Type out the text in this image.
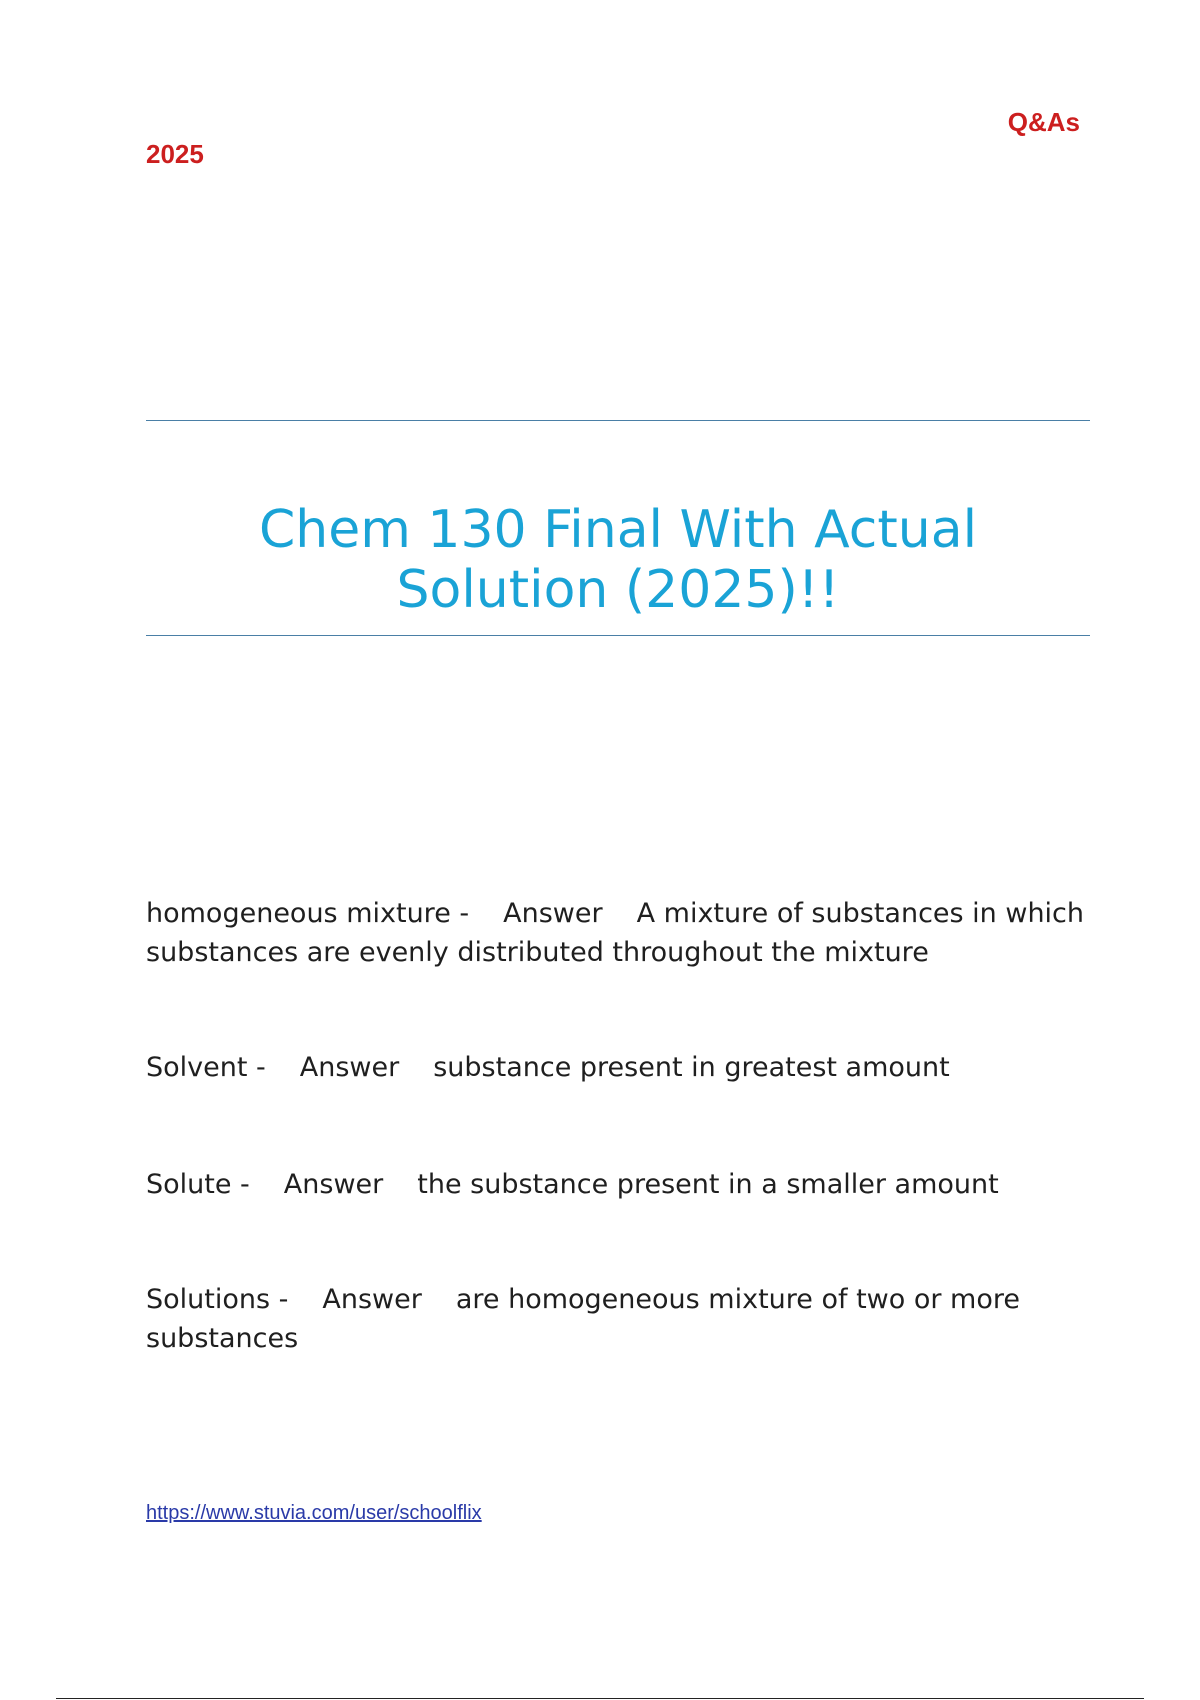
2025
Q&As
Chem 130 Final With Actual
Solution (2025)!!
homogeneous mixture - Answer A mixture of substances in which substances are evenly distributed throughout the mixture
Solvent - Answer substance present in greatest amount
Solute - Answer the substance present in a smaller amount
Solutions - Answer are homogeneous mixture of two or more substances
https://www.stuvia.com/user/schoolflix
